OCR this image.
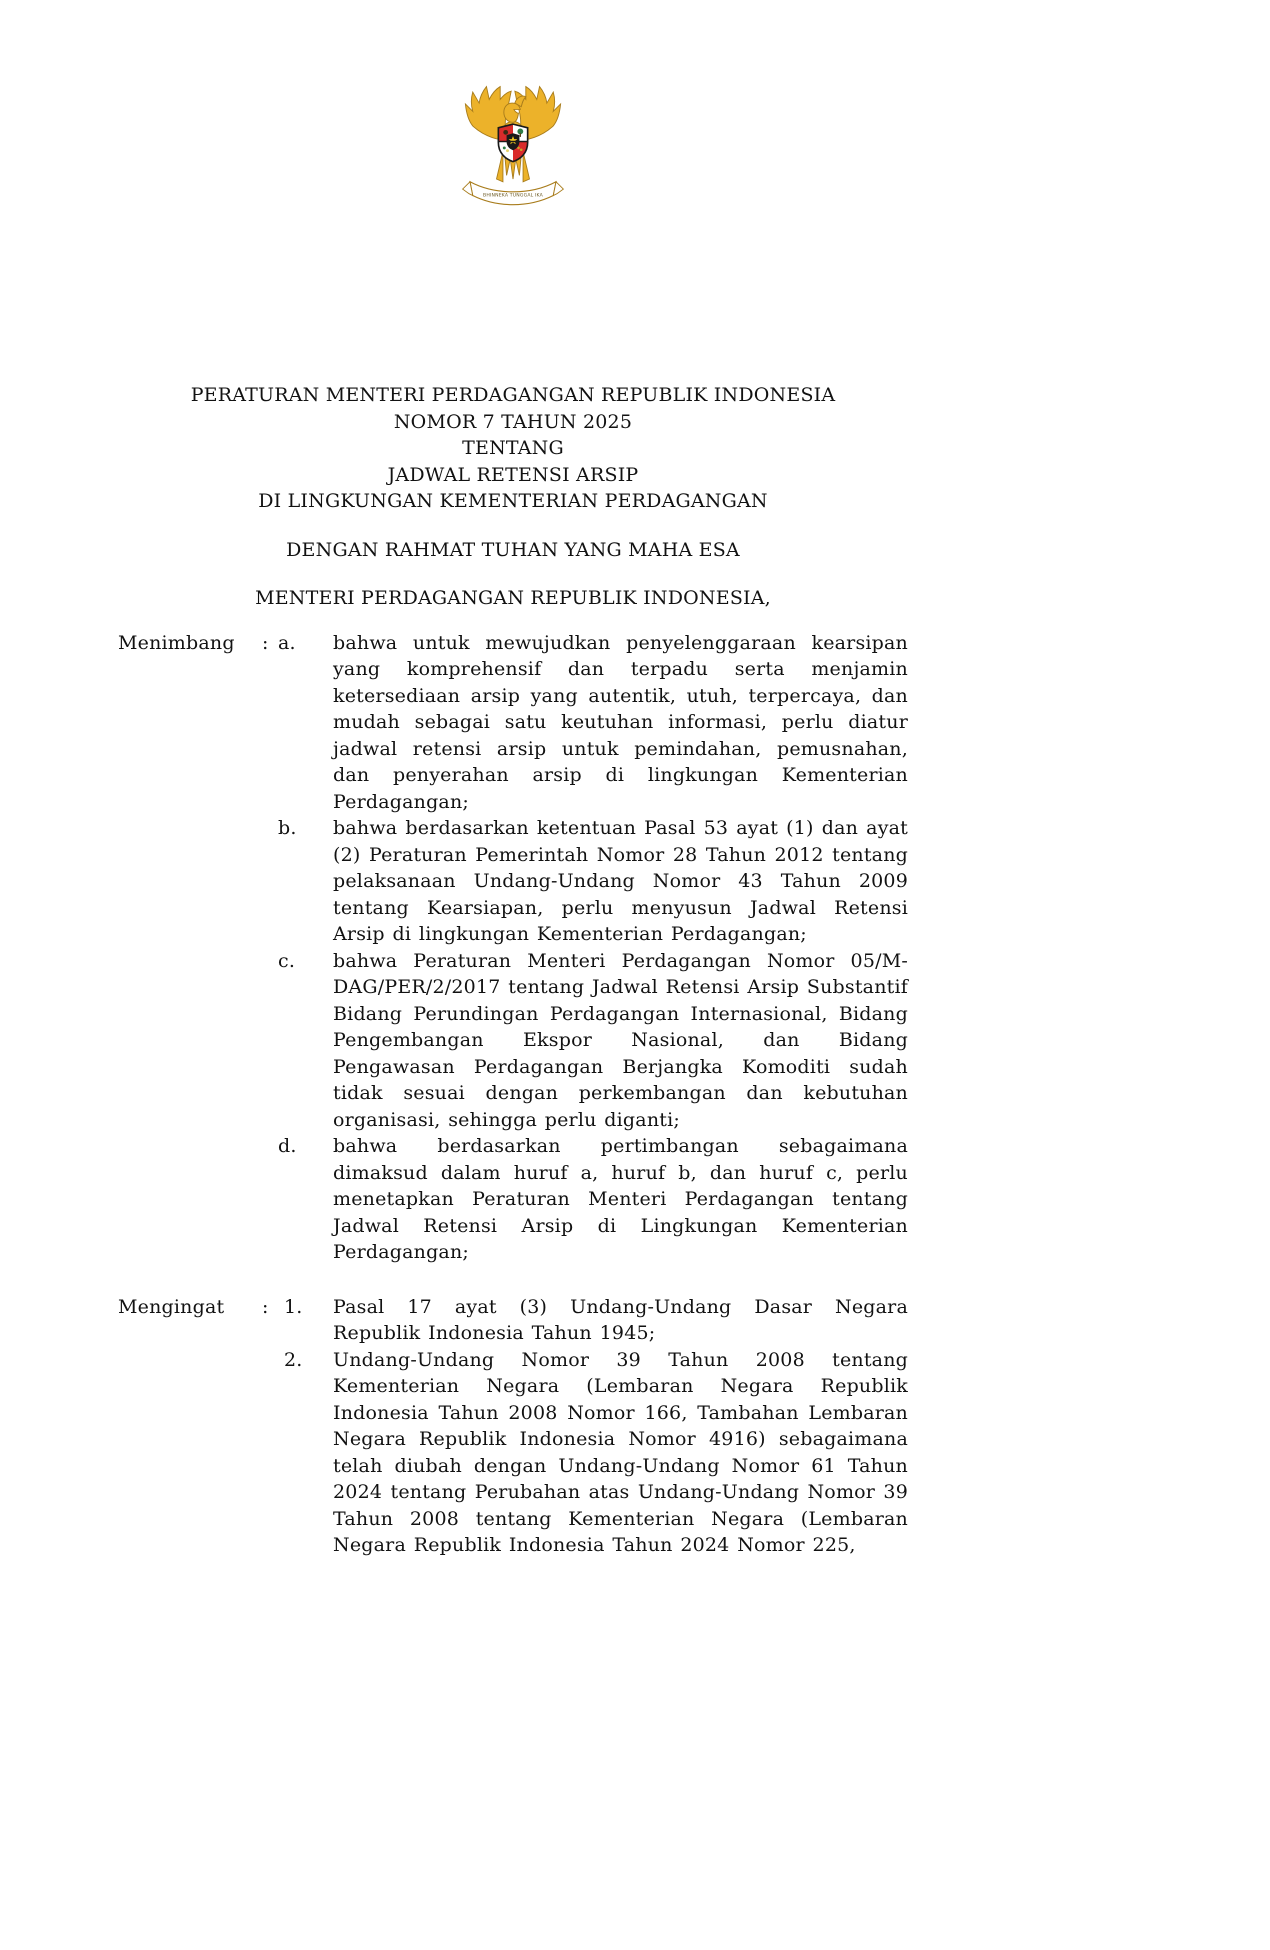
BHINNEKA TUNGGAL IKA
PERATURAN MENTERI PERDAGANGAN REPUBLIK INDONESIA
NOMOR 7 TAHUN 2025
TENTANG
JADWAL RETENSI ARSIP
DI LINGKUNGAN KEMENTERIAN PERDAGANGAN
DENGAN RAHMAT TUHAN YANG MAHA ESA
MENTERI PERDAGANGAN REPUBLIK INDONESIA,
Menimbang	: a.	bahwa untuk mewujudkan penyelenggaraan kearsipan yang komprehensif dan terpadu serta menjamin ketersediaan arsip yang autentik, utuh, terpercaya, dan mudah sebagai satu keutuhan informasi, perlu diatur jadwal retensi arsip untuk pemindahan, pemusnahan, dan penyerahan arsip di lingkungan Kementerian Perdagangan;
b.	bahwa berdasarkan ketentuan Pasal 53 ayat (1) dan ayat (2) Peraturan Pemerintah Nomor 28 Tahun 2012 tentang pelaksanaan Undang-Undang Nomor 43 Tahun 2009 tentang Kearsiapan, perlu menyusun Jadwal Retensi Arsip di lingkungan Kementerian Perdagangan;
c.	bahwa Peraturan Menteri Perdagangan Nomor 05/M-DAG/PER/2/2017 tentang Jadwal Retensi Arsip Substantif Bidang Perundingan Perdagangan Internasional, Bidang Pengembangan Ekspor Nasional, dan Bidang Pengawasan Perdagangan Berjangka Komoditi sudah tidak sesuai dengan perkembangan dan kebutuhan organisasi, sehingga perlu diganti;
d.	bahwa berdasarkan pertimbangan sebagaimana dimaksud dalam huruf a, huruf b, dan huruf c, perlu menetapkan Peraturan Menteri Perdagangan tentang Jadwal Retensi Arsip di Lingkungan Kementerian Perdagangan;
Mengingat	: 1.	Pasal 17 ayat (3) Undang-Undang Dasar Negara Republik Indonesia Tahun 1945;
2.	Undang-Undang Nomor 39 Tahun 2008 tentang Kementerian Negara (Lembaran Negara Republik Indonesia Tahun 2008 Nomor 166, Tambahan Lembaran Negara Republik Indonesia Nomor 4916) sebagaimana telah diubah dengan Undang-Undang Nomor 61 Tahun 2024 tentang Perubahan atas Undang-Undang Nomor 39 Tahun 2008 tentang Kementerian Negara (Lembaran Negara Republik Indonesia Tahun 2024 Nomor 225,
